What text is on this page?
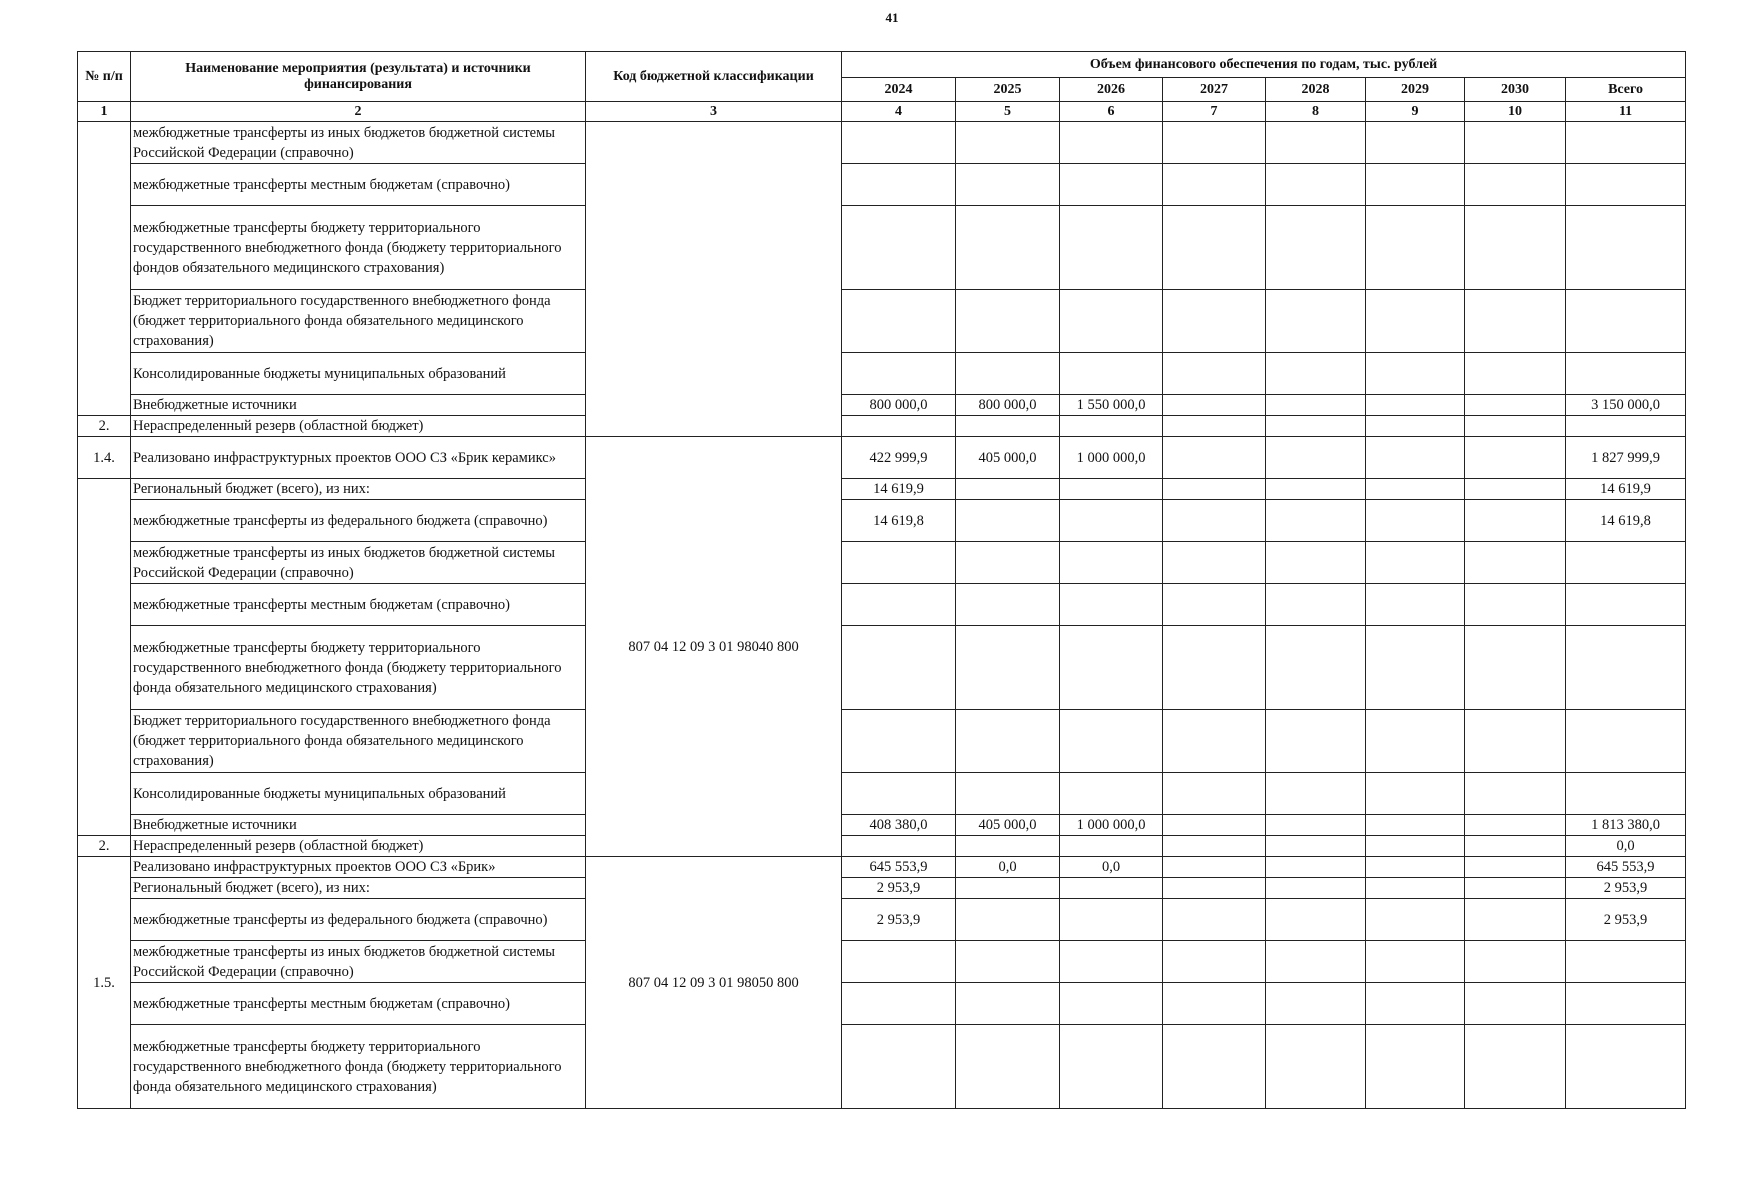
41
№ п/п	Наименование мероприятия (результата) и источники финансирования	Код бюджетной классификации	Объем финансового обеспечения по годам, тыс. рублей							
			2024	2025	2026	2027	2028	2029	2030	Всего
1	2	3	4	5	6	7	8	9	10	11
	межбюджетные трансферты из иных бюджетов бюджетной системы Российской Федерации (справочно)									
	межбюджетные трансферты местным бюджетам (справочно)									
	межбюджетные трансферты бюджету территориального государственного внебюджетного фонда (бюджету территориального фондов обязательного медицинского страхования)									
	Бюджет территориального государственного внебюджетного фонда (бюджет территориального фонда обязательного медицинского страхования)									
	Консолидированные бюджеты муниципальных образований									
	Внебюджетные источники		800 000,0	800 000,0	1 550 000,0					3 150 000,0
2.	Нераспределенный резерв (областной бюджет)									
1.4.	Реализовано инфраструктурных проектов ООО СЗ «Брик керамикс»	807 04 12 09 3 01 98040 800	422 999,9	405 000,0	1 000 000,0					1 827 999,9
	Региональный бюджет (всего), из них:		14 619,9							14 619,9
	межбюджетные трансферты из федерального бюджета (справочно)		14 619,8							14 619,8
	межбюджетные трансферты из иных бюджетов бюджетной системы Российской Федерации (справочно)									
	межбюджетные трансферты местным бюджетам (справочно)									
	межбюджетные трансферты бюджету территориального государственного внебюджетного фонда (бюджету территориального фонда обязательного медицинского страхования)									
	Бюджет территориального государственного внебюджетного фонда (бюджет территориального фонда обязательного медицинского страхования)									
	Консолидированные бюджеты муниципальных образований									
	Внебюджетные источники		408 380,0	405 000,0	1 000 000,0					1 813 380,0
2.	Нераспределенный резерв (областной бюджет)									0,0
1.5.	Реализовано инфраструктурных проектов ООО СЗ «Брик»	807 04 12 09 3 01 98050 800	645 553,9	0,0	0,0					645 553,9
	Региональный бюджет (всего), из них:		2 953,9							2 953,9
	межбюджетные трансферты из федерального бюджета (справочно)		2 953,9							2 953,9
	межбюджетные трансферты из иных бюджетов бюджетной системы Российской Федерации (справочно)									
	межбюджетные трансферты местным бюджетам (справочно)									
	межбюджетные трансферты бюджету территориального государственного внебюджетного фонда (бюджету территориального фонда обязательного медицинского страхования)									
